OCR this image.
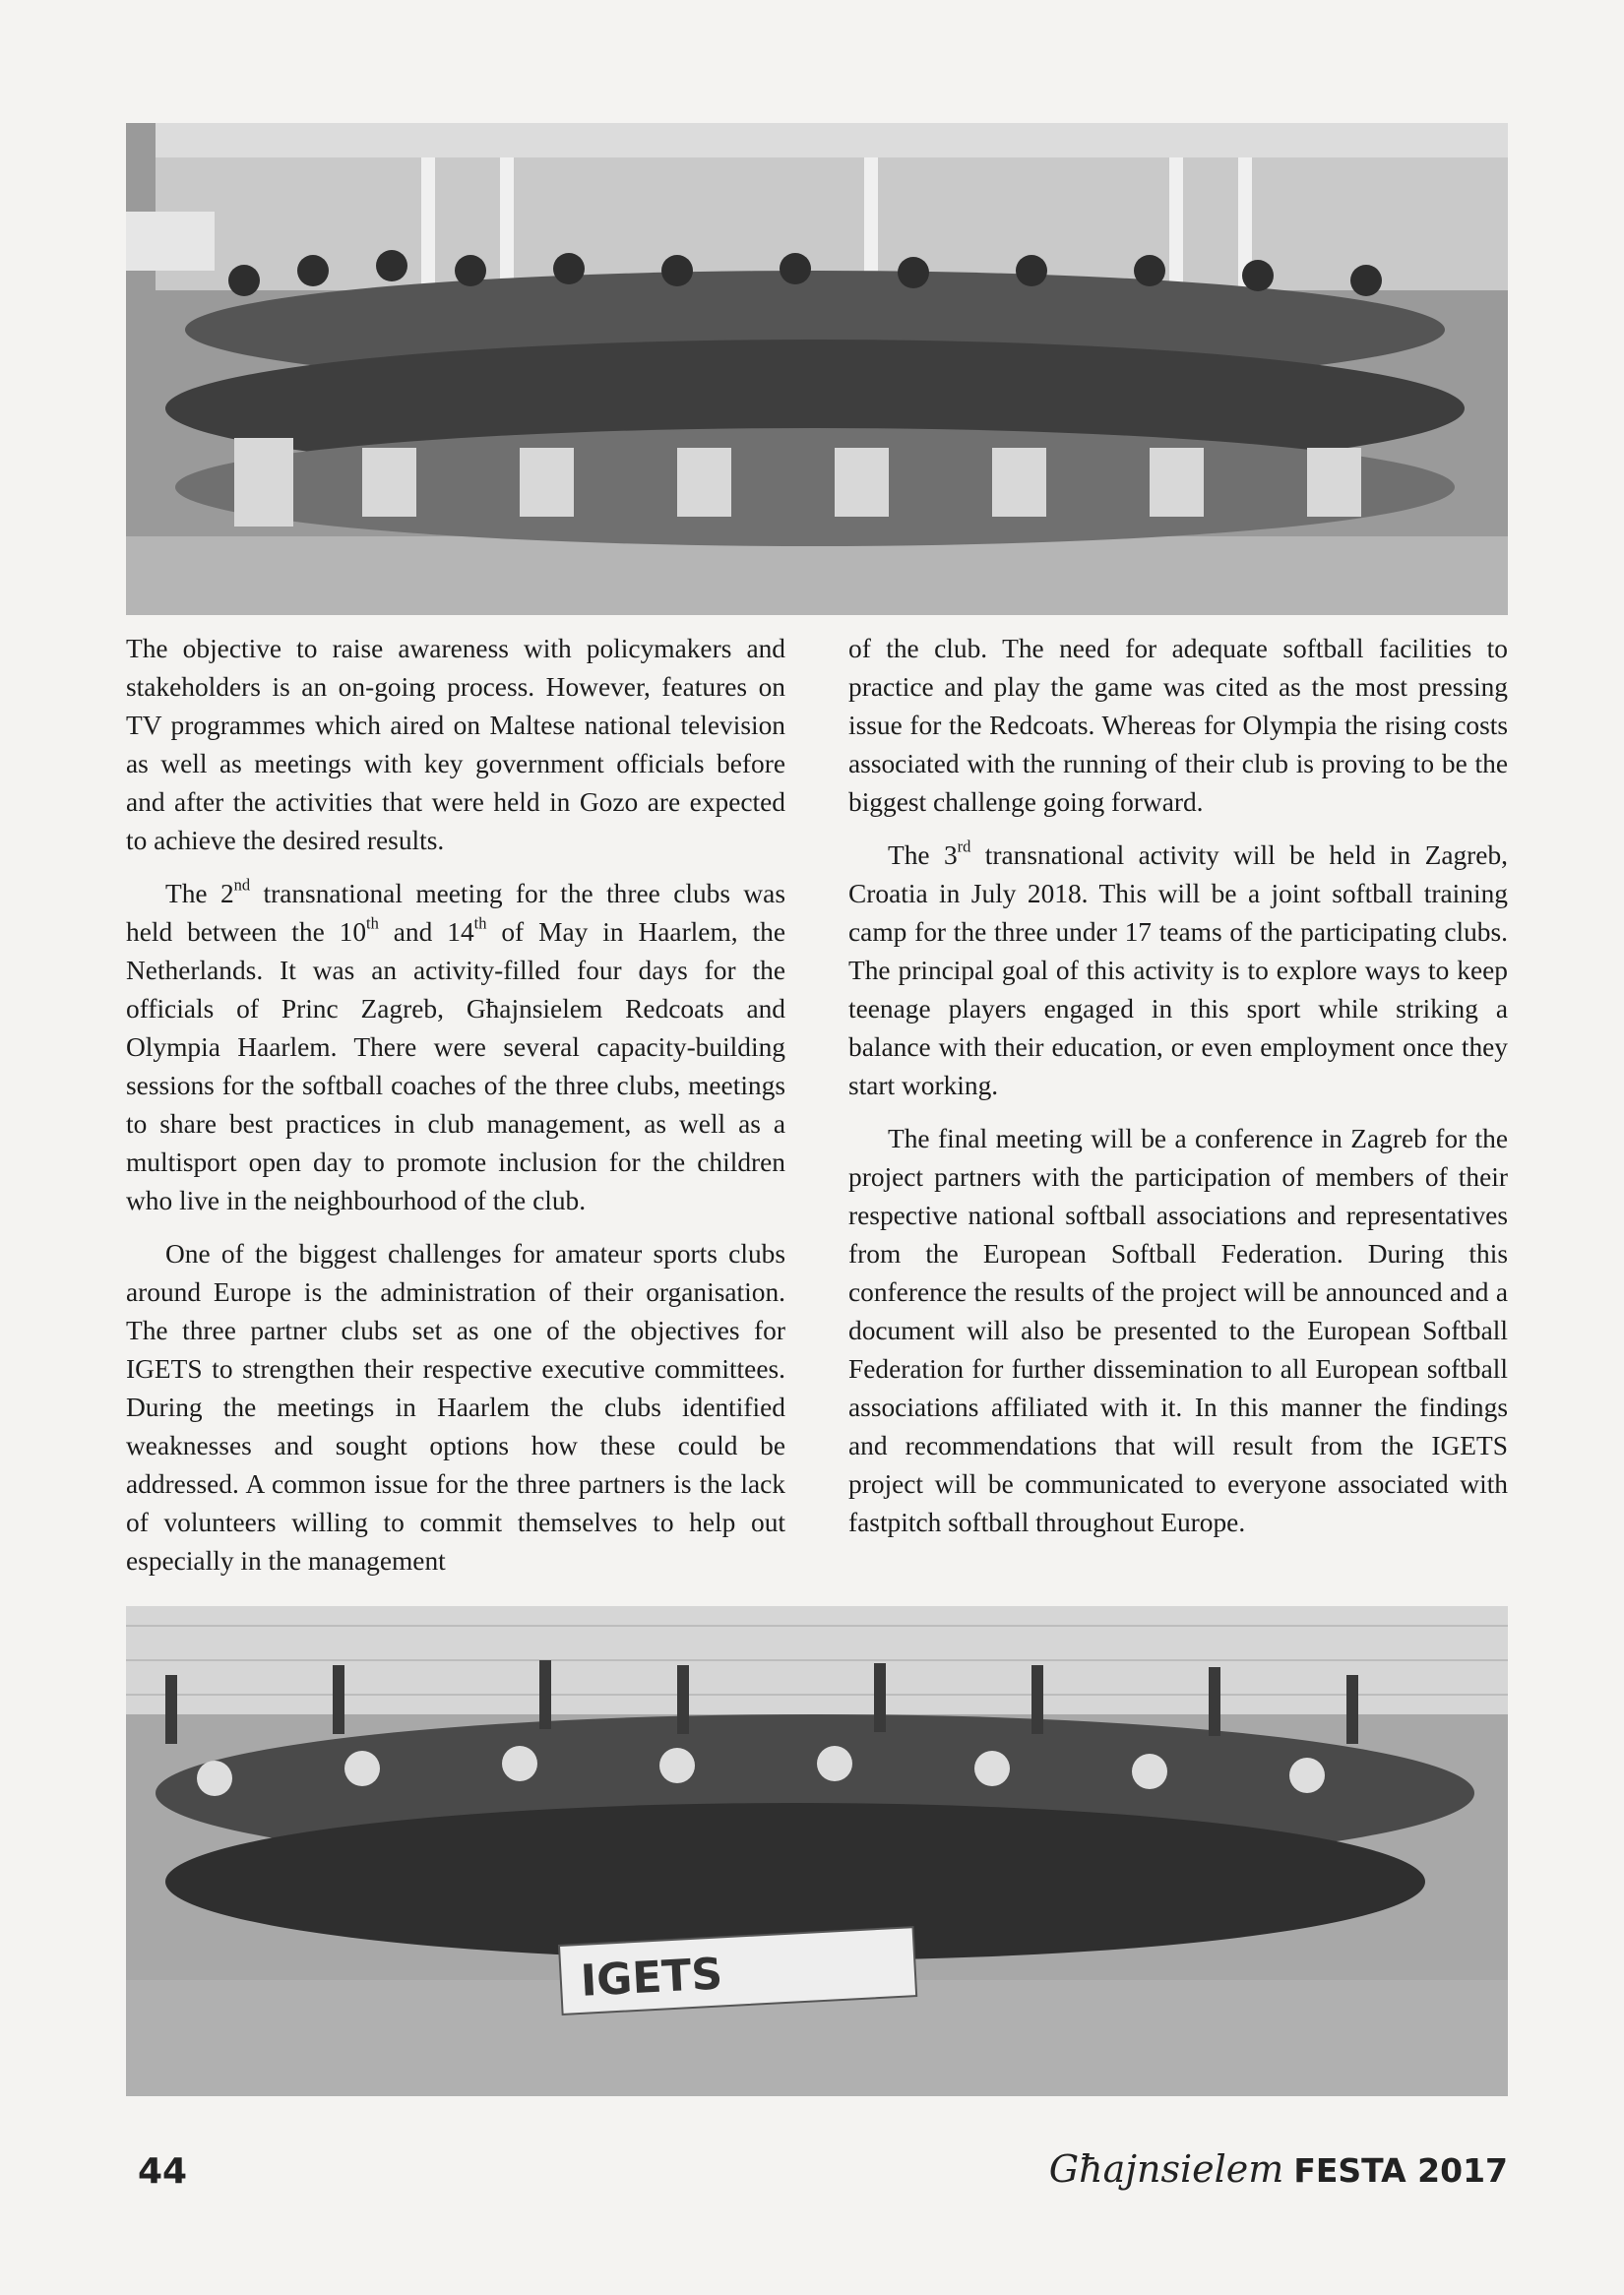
The objective to raise awareness with policymakers and stakeholders is an on-going process. However, features on TV programmes which aired on Maltese national television as well as meetings with key government officials before and after the activities that were held in Gozo are expected to achieve the desired results.

The 2nd transnational meeting for the three clubs was held between the 10th and 14th of May in Haarlem, the Netherlands. It was an activity-filled four days for the officials of Princ Zagreb, Għajnsielem Redcoats and Olympia Haarlem. There were several capacity-building sessions for the softball coaches of the three clubs, meetings to share best practices in club management, as well as a multisport open day to promote inclusion for the children who live in the neighbourhood of the club.

One of the biggest challenges for amateur sports clubs around Europe is the administration of their organisation. The three partner clubs set as one of the objectives for IGETS to strengthen their respective executive committees. During the meetings in Haarlem the clubs identified weaknesses and sought options how these could be addressed. A common issue for the three partners is the lack of volunteers willing to commit themselves to help out especially in the management

of the club. The need for adequate softball facilities to practice and play the game was cited as the most pressing issue for the Redcoats. Whereas for Olympia the rising costs associated with the running of their club is proving to be the biggest challenge going forward.

The 3rd transnational activity will be held in Zagreb, Croatia in July 2018. This will be a joint softball training camp for the three under 17 teams of the participating clubs. The principal goal of this activity is to explore ways to keep teenage players engaged in this sport while striking a balance with their education, or even employment once they start working.

The final meeting will be a conference in Zagreb for the project partners with the participation of members of their respective national softball associations and representatives from the European Softball Federation. During this conference the results of the project will be announced and a document will also be presented to the European Softball Federation for further dissemination to all European softball associations affiliated with it. In this manner the findings and recommendations that will result from the IGETS project will be communicated to everyone associated with fastpitch softball throughout Europe.

IGETS
44	Għajnsielem FESTA 2017
